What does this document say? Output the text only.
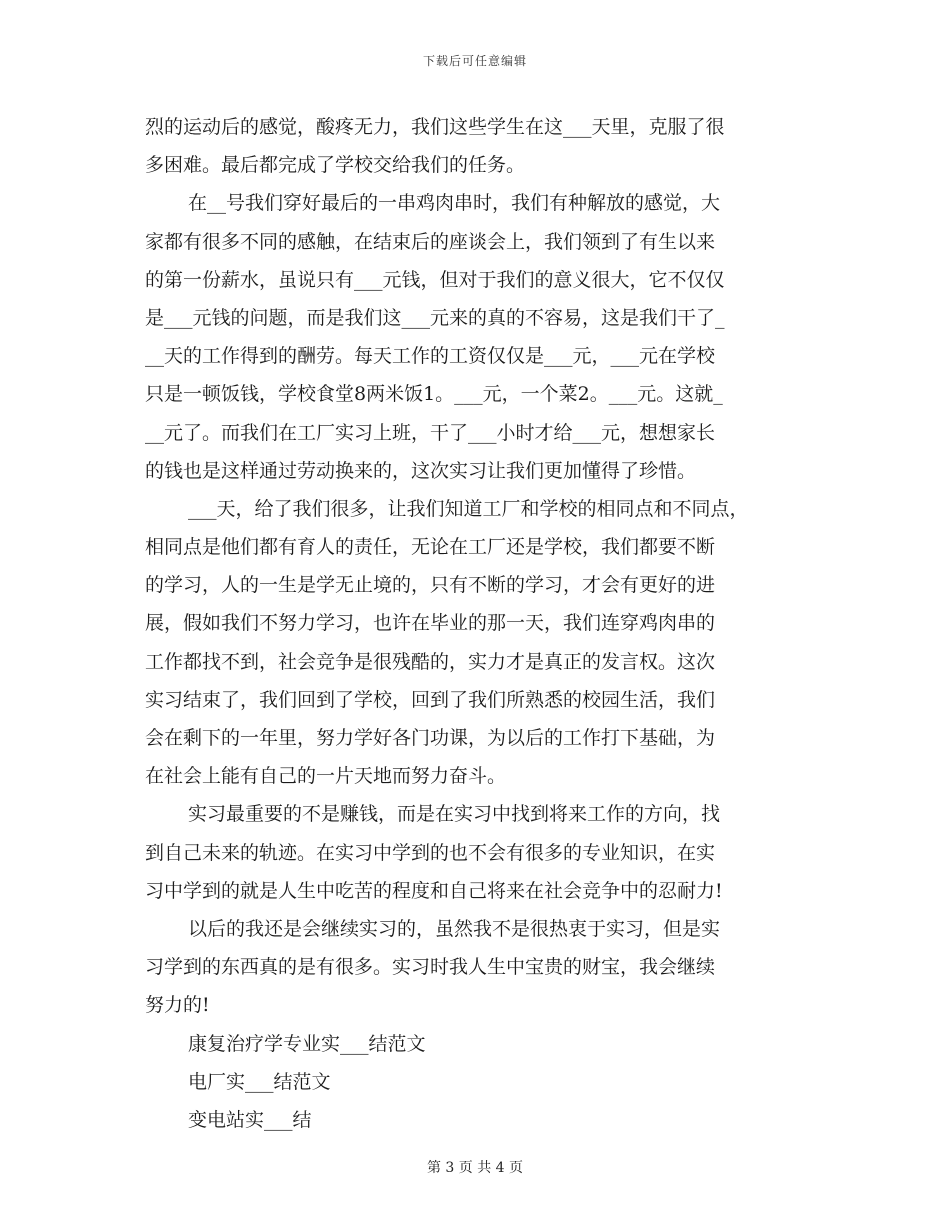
下载后可任意编辑
烈的运动后的感觉，酸疼无力，我们这些学生在这___天里，克服了很
多困难。最后都完成了学校交给我们的任务。
在__号我们穿好最后的一串鸡肉串时，我们有种解放的感觉，大
家都有很多不同的感触，在结束后的座谈会上，我们领到了有生以来
的第一份薪水，虽说只有___元钱，但对于我们的意义很大，它不仅仅
是___元钱的问题，而是我们这___元来的真的不容易，这是我们干了_
__天的工作得到的酬劳。每天工作的工资仅仅是___元，___元在学校
只是一顿饭钱，学校食堂8两米饭1。___元，一个菜2。___元。这就_
__元了。而我们在工厂实习上班，干了___小时才给___元，想想家长
的钱也是这样通过劳动换来的，这次实习让我们更加懂得了珍惜。
___天，给了我们很多，让我们知道工厂和学校的相同点和不同点，
相同点是他们都有育人的责任，无论在工厂还是学校，我们都要不断
的学习，人的一生是学无止境的，只有不断的学习，才会有更好的进
展，假如我们不努力学习，也许在毕业的那一天，我们连穿鸡肉串的
工作都找不到，社会竞争是很残酷的，实力才是真正的发言权。这次
实习结束了，我们回到了学校，回到了我们所熟悉的校园生活，我们
会在剩下的一年里，努力学好各门功课，为以后的工作打下基础，为
在社会上能有自己的一片天地而努力奋斗。
实习最重要的不是赚钱，而是在实习中找到将来工作的方向，找
到自己未来的轨迹。在实习中学到的也不会有很多的专业知识，在实
习中学到的就是人生中吃苦的程度和自己将来在社会竞争中的忍耐力!
以后的我还是会继续实习的，虽然我不是很热衷于实习，但是实
习学到的东西真的是有很多。实习时我人生中宝贵的财宝，我会继续
努力的!
康复治疗学专业实___结范文
电厂实___结范文
变电站实___结
第 3 页 共 4 页
